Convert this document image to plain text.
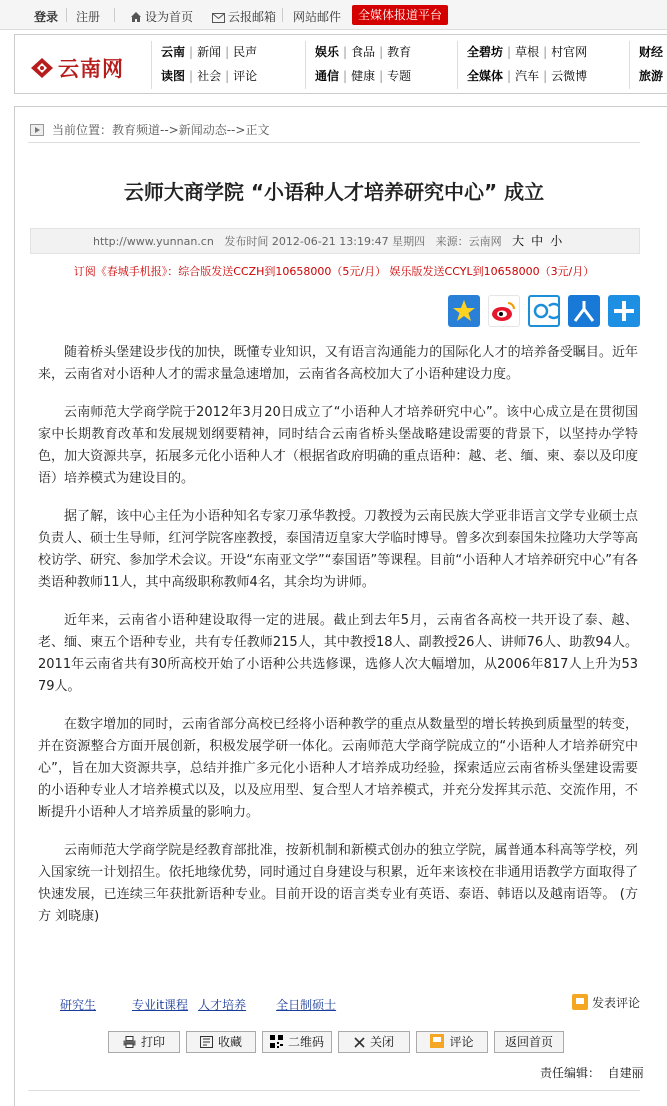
登录 注册	设为首页	云报邮箱 网站邮件	全媒体报道平台
云南网
云南 | 新闻 | 民声
读图 | 社会 | 评论
娱乐 | 食品 | 教育
通信 | 健康 | 专题
全碧坊 | 草根 | 村官网
全媒体 | 汽车 | 云微博
财经
旅游
当前位置：教育频道-->新闻动态-->正文
云师大商学院 “小语种人才培养研究中心” 成立
http://www.yunnan.cn 发布时间 2012-06-21 13:19:47 星期四 来源：云南网 大 中 小
订阅《春城手机报》：综合版发送CCZH到10658000（5元/月） 娱乐版发送CCYL到10658000（3元/月）

随着桥头堡建设步伐的加快，既懂专业知识，又有语言沟通能力的国际化人才的培养备受瞩目。近年来，云南省对小语种人才的需求量急速增加，云南省各高校加大了小语种建设力度。

云南师范大学商学院于2012年3月20日成立了“小语种人才培养研究中心”。该中心成立是在贯彻国家中长期教育改革和发展规划纲要精神，同时结合云南省桥头堡战略建设需要的背景下，以坚持办学特色，加大资源共享，拓展多元化小语种人才（根据省政府明确的重点语种：越、老、缅、柬、泰以及印度语）培养模式为建设目的。

据了解，该中心主任为小语种知名专家刀承华教授。刀教授为云南民族大学亚非语言文学专业硕士点负责人、硕士生导师，红河学院客座教授，泰国清迈皇家大学临时博导。曾多次到泰国朱拉隆功大学等高校访学、研究、参加学术会议。开设“东南亚文学”“泰国语”等课程。目前“小语种人才培养研究中心”有各类语种教师11人，其中高级职称教师4名，其余均为讲师。

近年来，云南省小语种建设取得一定的进展。截止到去年5月，云南省各高校一共开设了泰、越、老、缅、柬五个语种专业，共有专任教师215人，其中教授18人、副教授26人、讲师76人、助教94人。2011年云南省共有30所高校开始了小语种公共选修课，选修人次大幅增加，从2006年817人上升为5379人。

在数字增加的同时，云南省部分高校已经将小语种教学的重点从数量型的增长转换到质量型的转变，并在资源整合方面开展创新，积极发展学研一体化。云南师范大学商学院成立的“小语种人才培养研究中心”，旨在加大资源共享，总结并推广多元化小语种人才培养成功经验，探索适应云南省桥头堡建设需要的小语种专业人才培养模式以及，以及应用型、复合型人才培养模式，并充分发挥其示范、交流作用，不断提升小语种人才培养质量的影响力。

云南师范大学商学院是经教育部批准，按新机制和新模式创办的独立学院，属普通本科高等学校，列入国家统一计划招生。依托地缘优势，同时通过自身建设与积累，近年来该校在非通用语教学方面取得了快速发展，已连续三年获批新语种专业。目前开设的语言类专业有英语、泰语、韩语以及越南语等。 (方方 刘晓康)

研究生	专业it课程 人才培养	全日制硕士	发表评论
打印	收藏	二维码	关闭	评论	返回首页
责任编辑： 自建丽
